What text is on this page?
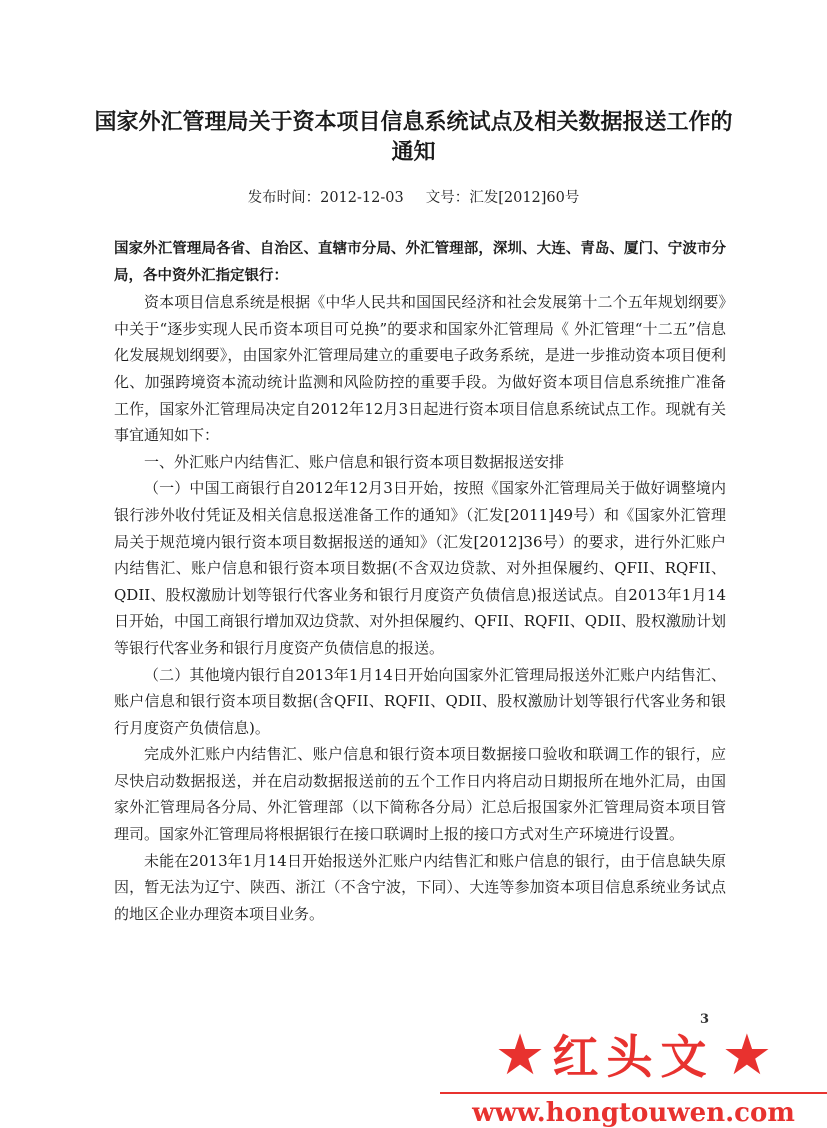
国家外汇管理局关于资本项目信息系统试点及相关数据报送工作的通知
发布时间：2012-12-03 文号：汇发[2012]60号

国家外汇管理局各省、自治区、直辖市分局、外汇管理部，深圳、大连、青岛、厦门、宁波市分局，各中资外汇指定银行：

资本项目信息系统是根据《中华人民共和国国民经济和社会发展第十二个五年规划纲要》中关于“逐步实现人民币资本项目可兑换”的要求和国家外汇管理局《 外汇管理“十二五”信息化发展规划纲要》，由国家外汇管理局建立的重要电子政务系统，是进一步推动资本项目便利化、加强跨境资本流动统计监测和风险防控的重要手段。为做好资本项目信息系统推广准备工作，国家外汇管理局决定自2012年12月3日起进行资本项目信息系统试点工作。现就有关事宜通知如下：

一、外汇账户内结售汇、账户信息和银行资本项目数据报送安排

（一）中国工商银行自2012年12月3日开始，按照《国家外汇管理局关于做好调整境内银行涉外收付凭证及相关信息报送准备工作的通知》（汇发[2011]49号）和《国家外汇管理局关于规范境内银行资本项目数据报送的通知》（汇发[2012]36号）的要求，进行外汇账户内结售汇、账户信息和银行资本项目数据(不含双边贷款、对外担保履约、QFII、RQFII、QDII、股权激励计划等银行代客业务和银行月度资产负债信息)报送试点。自2013年1月14日开始，中国工商银行增加双边贷款、对外担保履约、QFII、RQFII、QDII、股权激励计划等银行代客业务和银行月度资产负债信息的报送。

（二）其他境内银行自2013年1月14日开始向国家外汇管理局报送外汇账户内结售汇、账户信息和银行资本项目数据(含QFII、RQFII、QDII、股权激励计划等银行代客业务和银行月度资产负债信息)。

完成外汇账户内结售汇、账户信息和银行资本项目数据接口验收和联调工作的银行，应尽快启动数据报送，并在启动数据报送前的五个工作日内将启动日期报所在地外汇局，由国家外汇管理局各分局、外汇管理部（以下简称各分局）汇总后报国家外汇管理局资本项目管理司。国家外汇管理局将根据银行在接口联调时上报的接口方式对生产环境进行设置。

未能在2013年1月14日开始报送外汇账户内结售汇和账户信息的银行，由于信息缺失原因，暂无法为辽宁、陕西、浙江（不含宁波，下同）、大连等参加资本项目信息系统业务试点的地区企业办理资本项目业务。

3
★ 红头文 ★
www.hongtouwen.com
